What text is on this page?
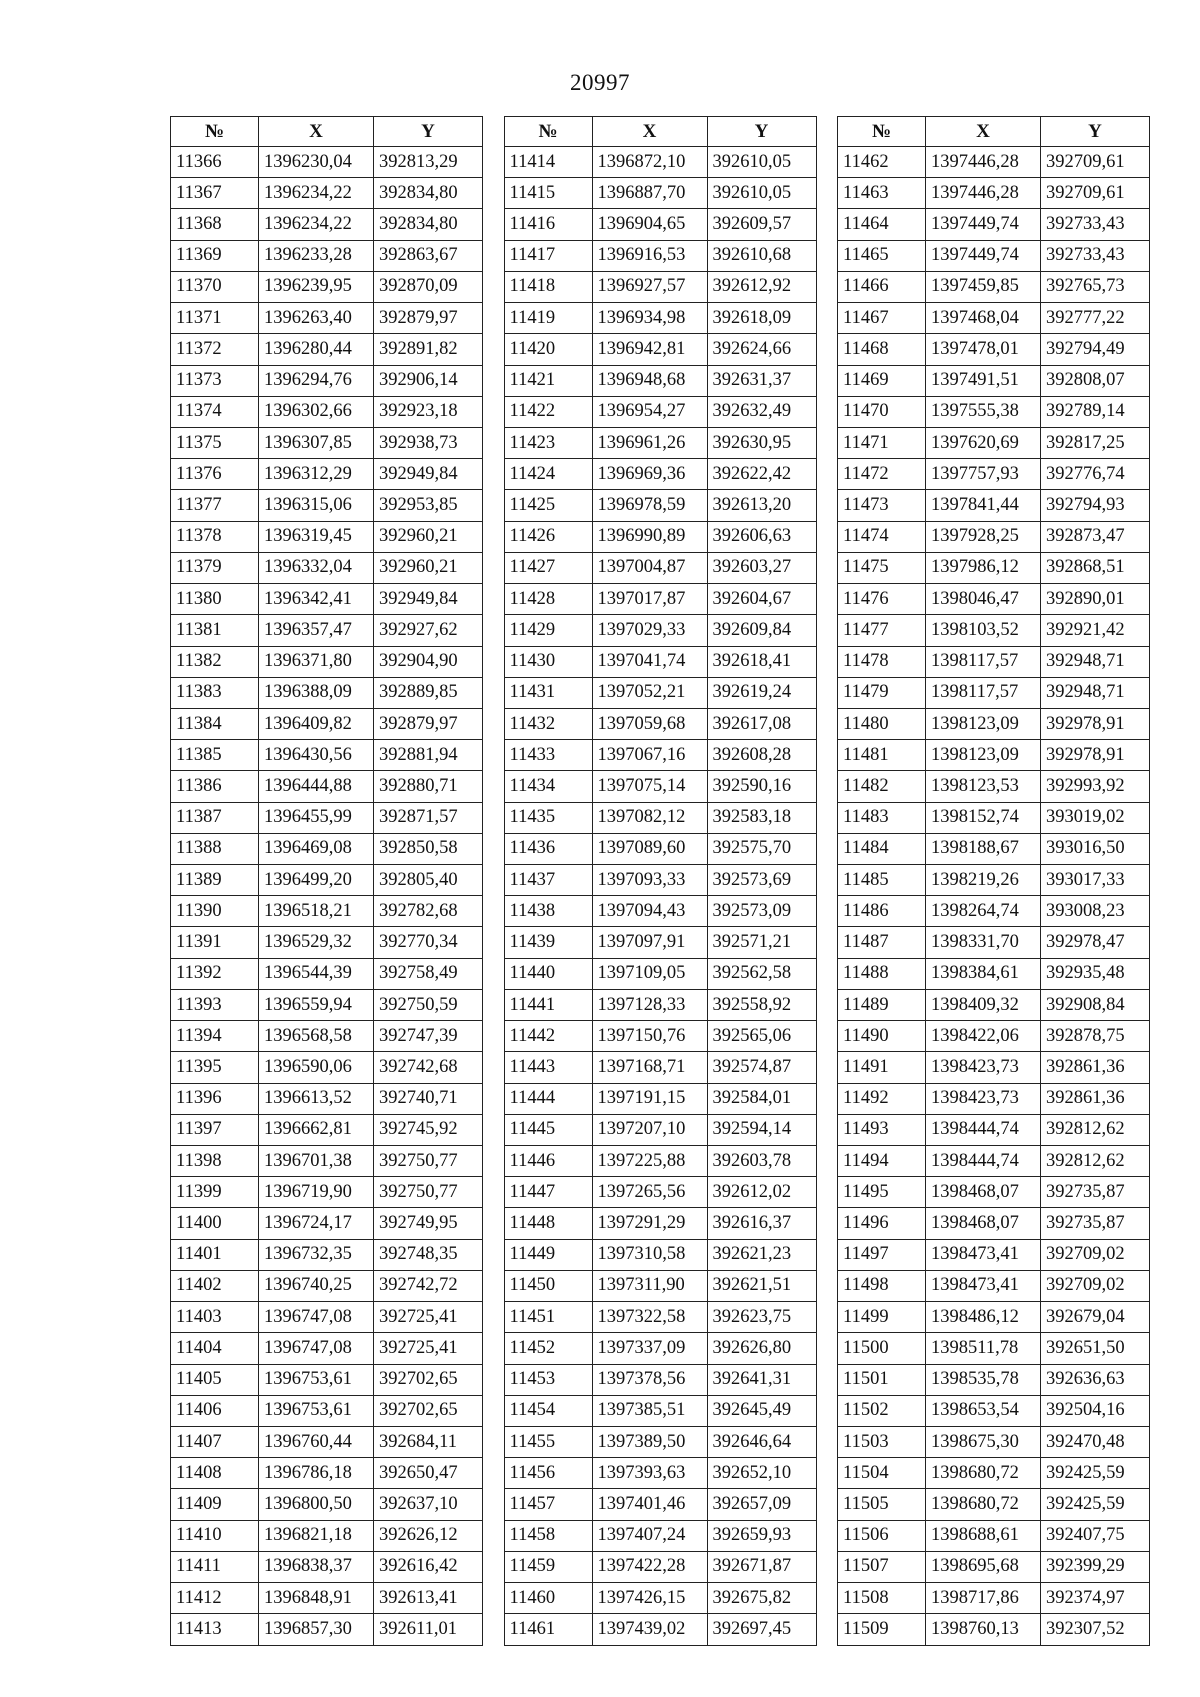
20997
№	X	Y
11366	1396230,04	392813,29
11367	1396234,22	392834,80
11368	1396234,22	392834,80
11369	1396233,28	392863,67
11370	1396239,95	392870,09
11371	1396263,40	392879,97
11372	1396280,44	392891,82
11373	1396294,76	392906,14
11374	1396302,66	392923,18
11375	1396307,85	392938,73
11376	1396312,29	392949,84
11377	1396315,06	392953,85
11378	1396319,45	392960,21
11379	1396332,04	392960,21
11380	1396342,41	392949,84
11381	1396357,47	392927,62
11382	1396371,80	392904,90
11383	1396388,09	392889,85
11384	1396409,82	392879,97
11385	1396430,56	392881,94
11386	1396444,88	392880,71
11387	1396455,99	392871,57
11388	1396469,08	392850,58
11389	1396499,20	392805,40
11390	1396518,21	392782,68
11391	1396529,32	392770,34
11392	1396544,39	392758,49
11393	1396559,94	392750,59
11394	1396568,58	392747,39
11395	1396590,06	392742,68
11396	1396613,52	392740,71
11397	1396662,81	392745,92
11398	1396701,38	392750,77
11399	1396719,90	392750,77
11400	1396724,17	392749,95
11401	1396732,35	392748,35
11402	1396740,25	392742,72
11403	1396747,08	392725,41
11404	1396747,08	392725,41
11405	1396753,61	392702,65
11406	1396753,61	392702,65
11407	1396760,44	392684,11
11408	1396786,18	392650,47
11409	1396800,50	392637,10
11410	1396821,18	392626,12
11411	1396838,37	392616,42
11412	1396848,91	392613,41
11413	1396857,30	392611,01
№	X	Y
11414	1396872,10	392610,05
11415	1396887,70	392610,05
11416	1396904,65	392609,57
11417	1396916,53	392610,68
11418	1396927,57	392612,92
11419	1396934,98	392618,09
11420	1396942,81	392624,66
11421	1396948,68	392631,37
11422	1396954,27	392632,49
11423	1396961,26	392630,95
11424	1396969,36	392622,42
11425	1396978,59	392613,20
11426	1396990,89	392606,63
11427	1397004,87	392603,27
11428	1397017,87	392604,67
11429	1397029,33	392609,84
11430	1397041,74	392618,41
11431	1397052,21	392619,24
11432	1397059,68	392617,08
11433	1397067,16	392608,28
11434	1397075,14	392590,16
11435	1397082,12	392583,18
11436	1397089,60	392575,70
11437	1397093,33	392573,69
11438	1397094,43	392573,09
11439	1397097,91	392571,21
11440	1397109,05	392562,58
11441	1397128,33	392558,92
11442	1397150,76	392565,06
11443	1397168,71	392574,87
11444	1397191,15	392584,01
11445	1397207,10	392594,14
11446	1397225,88	392603,78
11447	1397265,56	392612,02
11448	1397291,29	392616,37
11449	1397310,58	392621,23
11450	1397311,90	392621,51
11451	1397322,58	392623,75
11452	1397337,09	392626,80
11453	1397378,56	392641,31
11454	1397385,51	392645,49
11455	1397389,50	392646,64
11456	1397393,63	392652,10
11457	1397401,46	392657,09
11458	1397407,24	392659,93
11459	1397422,28	392671,87
11460	1397426,15	392675,82
11461	1397439,02	392697,45
№	X	Y
11462	1397446,28	392709,61
11463	1397446,28	392709,61
11464	1397449,74	392733,43
11465	1397449,74	392733,43
11466	1397459,85	392765,73
11467	1397468,04	392777,22
11468	1397478,01	392794,49
11469	1397491,51	392808,07
11470	1397555,38	392789,14
11471	1397620,69	392817,25
11472	1397757,93	392776,74
11473	1397841,44	392794,93
11474	1397928,25	392873,47
11475	1397986,12	392868,51
11476	1398046,47	392890,01
11477	1398103,52	392921,42
11478	1398117,57	392948,71
11479	1398117,57	392948,71
11480	1398123,09	392978,91
11481	1398123,09	392978,91
11482	1398123,53	392993,92
11483	1398152,74	393019,02
11484	1398188,67	393016,50
11485	1398219,26	393017,33
11486	1398264,74	393008,23
11487	1398331,70	392978,47
11488	1398384,61	392935,48
11489	1398409,32	392908,84
11490	1398422,06	392878,75
11491	1398423,73	392861,36
11492	1398423,73	392861,36
11493	1398444,74	392812,62
11494	1398444,74	392812,62
11495	1398468,07	392735,87
11496	1398468,07	392735,87
11497	1398473,41	392709,02
11498	1398473,41	392709,02
11499	1398486,12	392679,04
11500	1398511,78	392651,50
11501	1398535,78	392636,63
11502	1398653,54	392504,16
11503	1398675,30	392470,48
11504	1398680,72	392425,59
11505	1398680,72	392425,59
11506	1398688,61	392407,75
11507	1398695,68	392399,29
11508	1398717,86	392374,97
11509	1398760,13	392307,52
